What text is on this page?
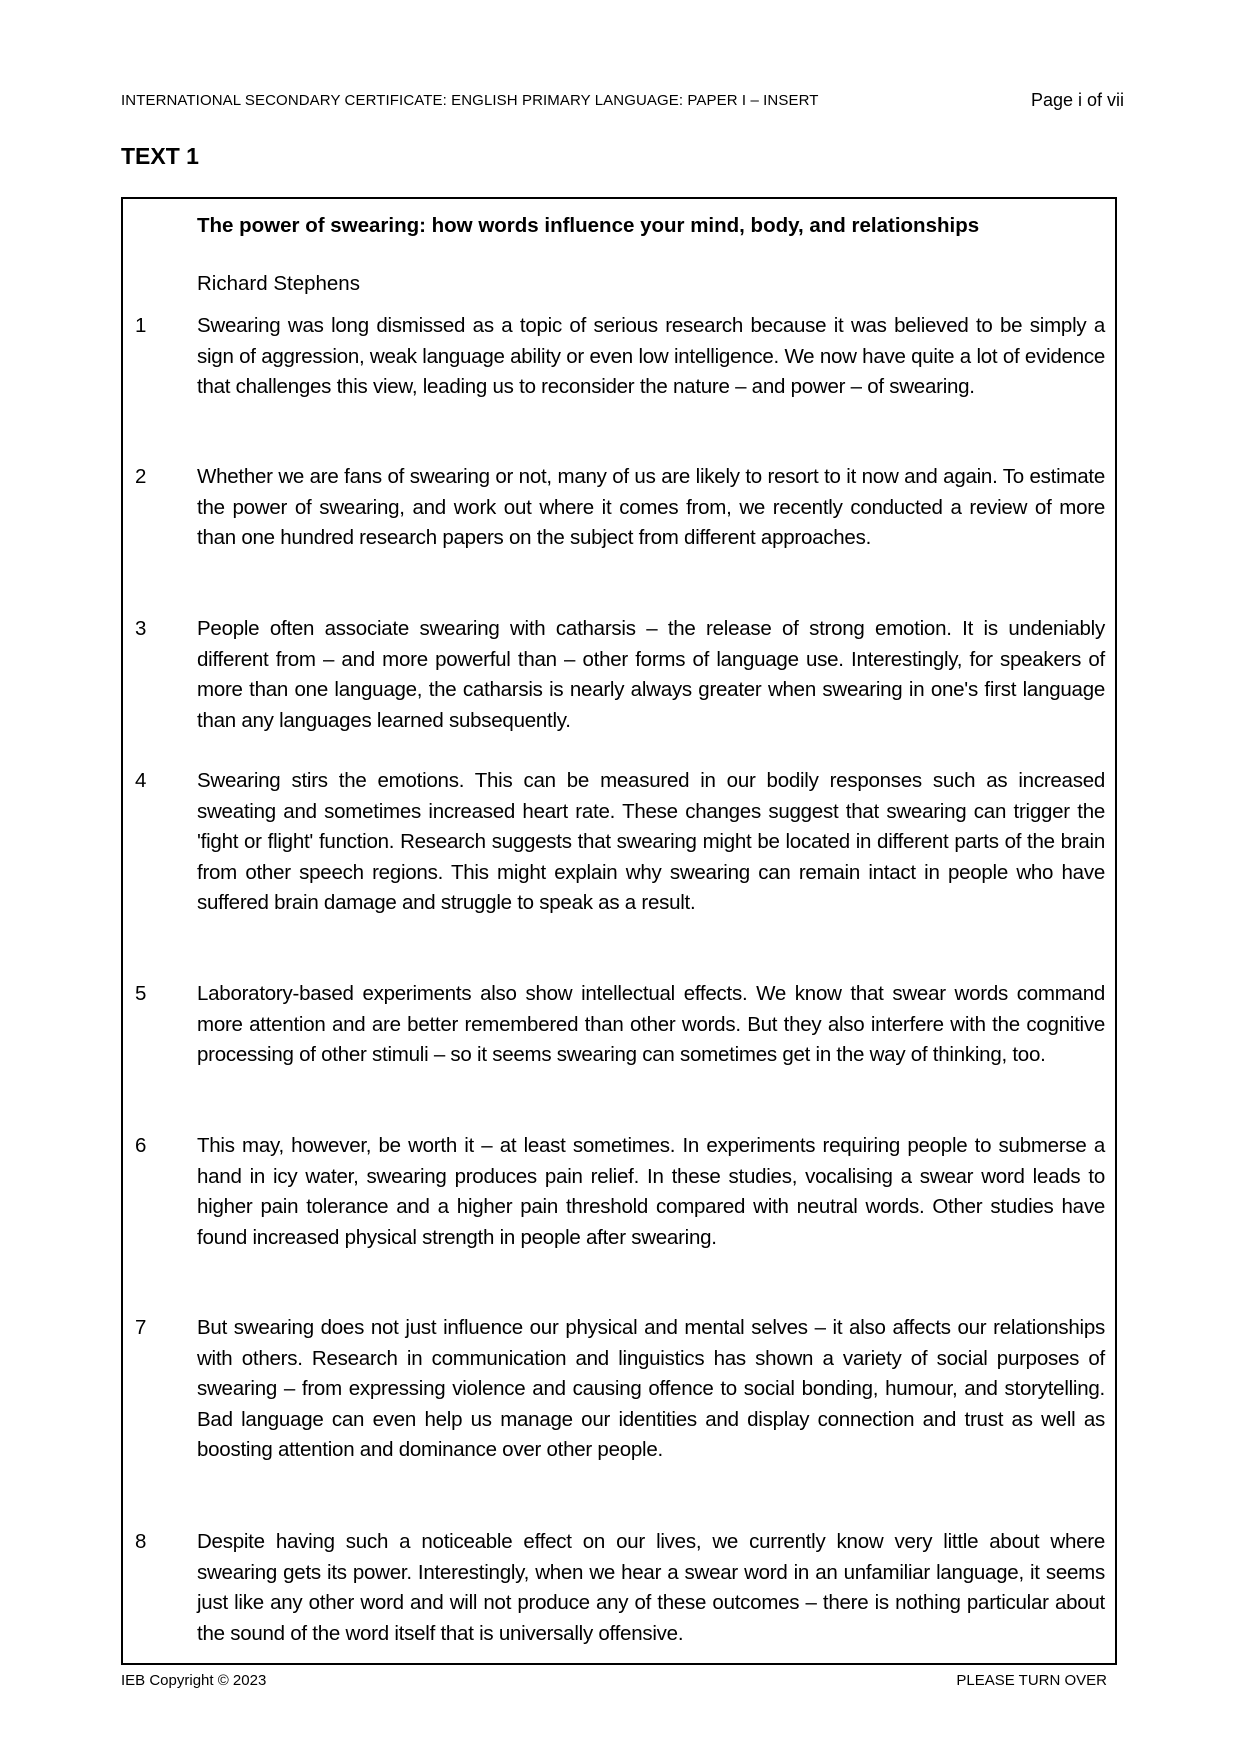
INTERNATIONAL SECONDARY CERTIFICATE: ENGLISH PRIMARY LANGUAGE: PAPER I – INSERT	Page i of vii
TEXT 1
The power of swearing: how words influence your mind, body, and relationships
Richard Stephens
1 Swearing was long dismissed as a topic of serious research because it was believed to be simply a sign of aggression, weak language ability or even low intelligence. We now have quite a lot of evidence that challenges this view, leading us to reconsider the nature – and power – of swearing.

2 Whether we are fans of swearing or not, many of us are likely to resort to it now and again. To estimate the power of swearing, and work out where it comes from, we recently conducted a review of more than one hundred research papers on the subject from different approaches.

3 People often associate swearing with catharsis – the release of strong emotion. It is undeniably different from – and more powerful than – other forms of language use. Interestingly, for speakers of more than one language, the catharsis is nearly always greater when swearing in one's first language than any languages learned subsequently.

4 Swearing stirs the emotions. This can be measured in our bodily responses such as increased sweating and sometimes increased heart rate. These changes suggest that swearing can trigger the 'fight or flight' function. Research suggests that swearing might be located in different parts of the brain from other speech regions. This might explain why swearing can remain intact in people who have suffered brain damage and struggle to speak as a result.

5 Laboratory-based experiments also show intellectual effects. We know that swear words command more attention and are better remembered than other words. But they also interfere with the cognitive processing of other stimuli – so it seems swearing can sometimes get in the way of thinking, too.

6 This may, however, be worth it – at least sometimes. In experiments requiring people to submerse a hand in icy water, swearing produces pain relief. In these studies, vocalising a swear word leads to higher pain tolerance and a higher pain threshold compared with neutral words. Other studies have found increased physical strength in people after swearing.

7 But swearing does not just influence our physical and mental selves – it also affects our relationships with others. Research in communication and linguistics has shown a variety of social purposes of swearing – from expressing violence and causing offence to social bonding, humour, and storytelling. Bad language can even help us manage our identities and display connection and trust as well as boosting attention and dominance over other people.

8 Despite having such a noticeable effect on our lives, we currently know very little about where swearing gets its power. Interestingly, when we hear a swear word in an unfamiliar language, it seems just like any other word and will not produce any of these outcomes – there is nothing particular about the sound of the word itself that is universally offensive.

IEB Copyright © 2023	PLEASE TURN OVER
